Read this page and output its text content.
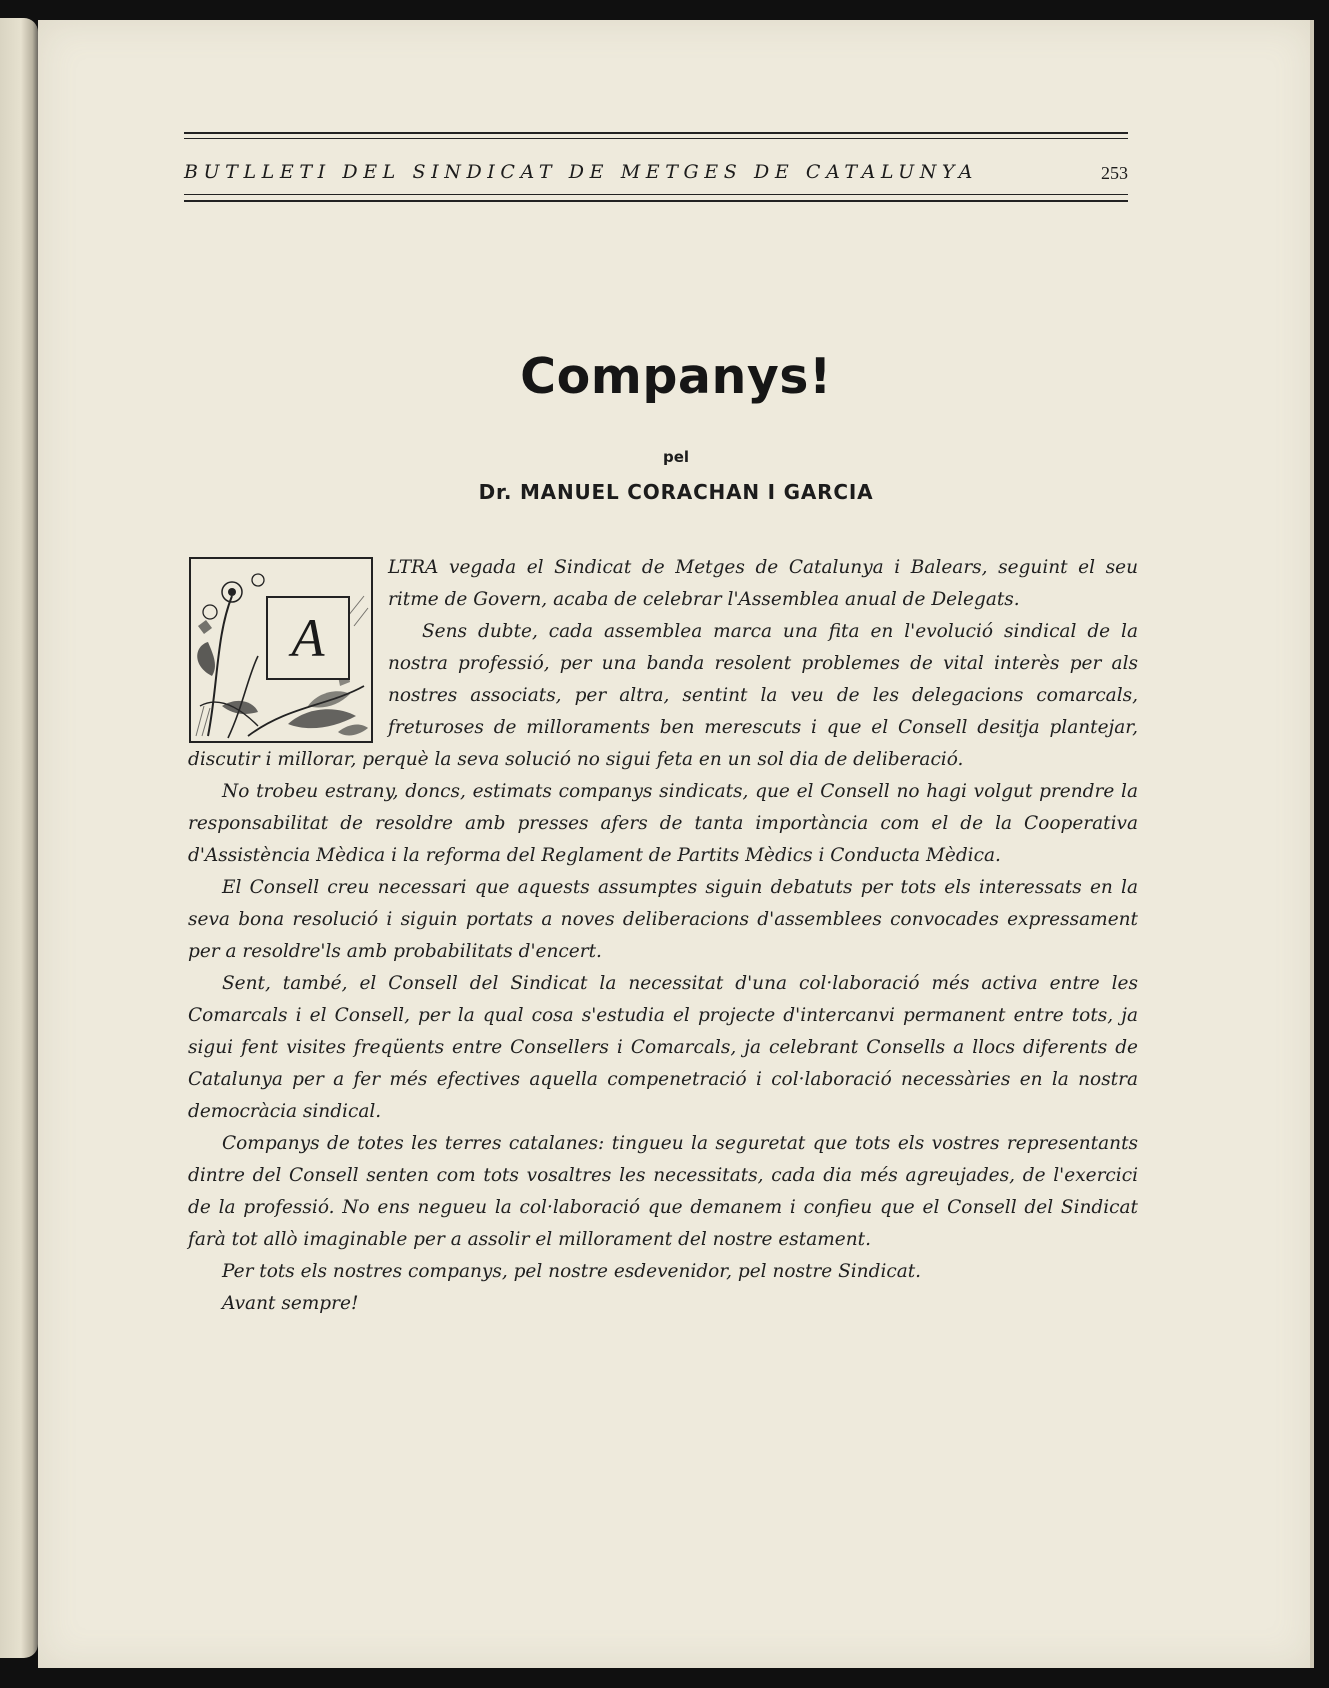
BUTLLETI DEL SINDICAT DE METGES DE CATALUNYA	253
Companys!
pel
Dr. MANUEL CORACHAN I GARCIA
A

LTRA vegada el Sindicat de Metges de Catalunya i Balears, seguint el seu ritme de Govern, acaba de celebrar l'Assemblea anual de Delegats.

Sens dubte, cada assemblea marca una fita en l'evolució sindical de la nostra professió, per una banda resolent problemes de vital interès per als nostres associats, per altra, sentint la veu de les delegacions comarcals, freturoses de milloraments ben merescuts i que el Consell desitja plantejar, discutir i millorar, perquè la seva solució no sigui feta en un sol dia de deliberació.

No trobeu estrany, doncs, estimats companys sindicats, que el Consell no hagi volgut prendre la responsabilitat de resoldre amb presses afers de tanta importància com el de la Cooperativa d'Assistència Mèdica i la reforma del Reglament de Partits Mèdics i Conducta Mèdica.

El Consell creu necessari que aquests assumptes siguin debatuts per tots els interessats en la seva bona resolució i siguin portats a noves deliberacions d'assemblees convocades expressament per a resoldre'ls amb probabilitats d'encert.

Sent, també, el Consell del Sindicat la necessitat d'una col·laboració més activa entre les Comarcals i el Consell, per la qual cosa s'estudia el projecte d'intercanvi permanent entre tots, ja sigui fent visites freqüents entre Consellers i Comarcals, ja celebrant Consells a llocs diferents de Catalunya per a fer més efectives aquella compenetració i col·laboració necessàries en la nostra democràcia sindical.

Companys de totes les terres catalanes: tingueu la seguretat que tots els vostres representants dintre del Consell senten com tots vosaltres les necessitats, cada dia més agreujades, de l'exercici de la professió. No ens negueu la col·laboració que demanem i confieu que el Consell del Sindicat farà tot allò imaginable per a assolir el millorament del nostre estament.

Per tots els nostres companys, pel nostre esdevenidor, pel nostre Sindicat.

Avant sempre!
